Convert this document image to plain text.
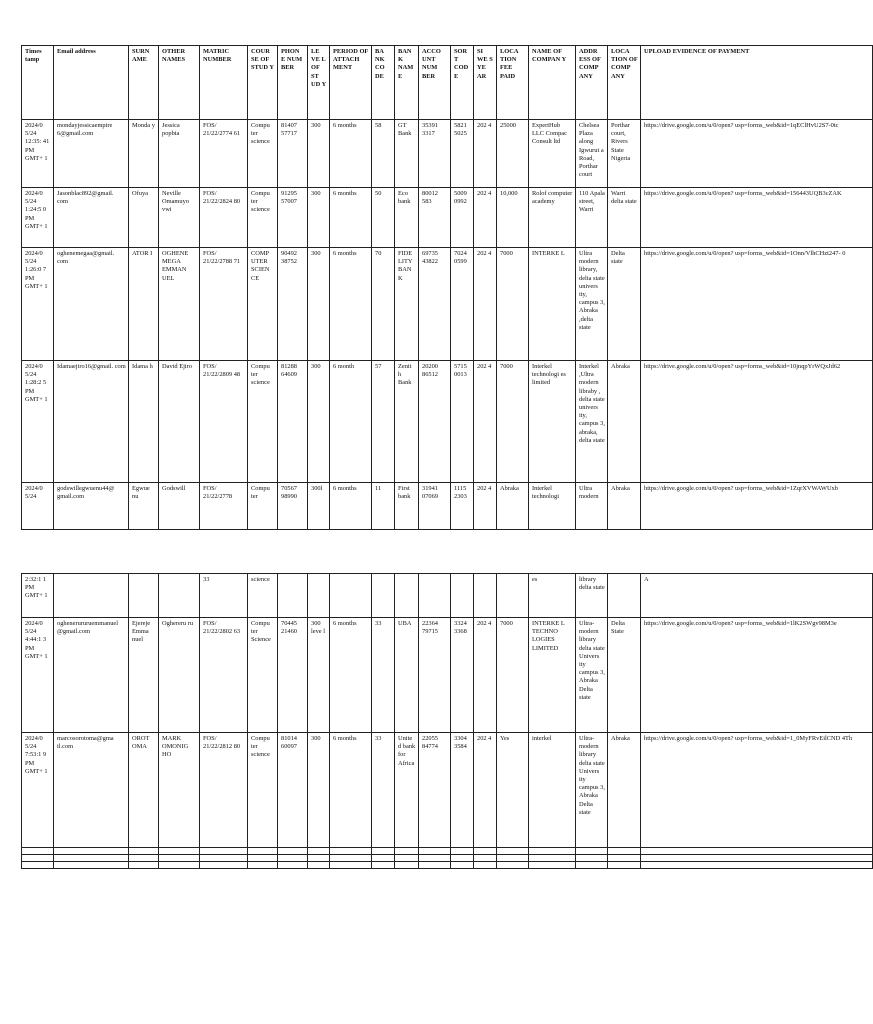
Times tamp	Email address	SURN AME	OTHER NAMES	MATRIC NUMBER	COUR SE OF STUD Y	PHON E NUM BER	LE VE L OF ST UD Y	PERIOD OF ATTACH MENT	BA NK CO DE	BAN K NAM E	ACCO UNT NUM BER	SOR T COD E	SI WE S YE AR	LOCA TION FEE PAID	NAME OF COMPAN Y	ADDR ESS OF COMP ANY	LOCA TION OF COMP ANY	UPLOAD EVIDENCE OF PAYMENT
2024/0 5/24 12:35: 41 PM GMT+ 1	mondayjessicaempire 6@gmail.com	Monda y	Jessica popbia	FOS/ 21/22/2774 61	Compu ter science	81407 57717	300	6 months	58	GT Bank	35391 3317	5821 5025	202 4	25000	ExpertHub LLC Compac Consult ltd	Chelsea Plaza along Igwurut a Road, Porthar court	Porthar court, Rivers State Nigeria	https://drive.google.com/u/0/open? usp=forms_web&id=1qEClHvU2S7-0tc
2024/0 5/24 1:24:5 0 PM GMT+ 1	Jasonblac892@gmail. com	Ofuya	Neville Omamuyo vwi	FOS/ 21/22/2824 80	Compu ter science	91295 57007	300	6 months	50	Eco bank	80012 583	5009 0992	202 4	10,000	Rolof computer academy	110 Apala street, Warri	Warri delta state	https://drive.google.com/u/0/open? usp=forms_web&id=156443UQB3cZAK
2024/0 5/24 1:26:0 7 PM GMT+ 1	oghenemegaa@gmail. com	ATOR I	OGHENE MEGA EMMAN UEL	FOS/ 21/22/2788 71	COMP UTER SCIEN CE	90492 38752	300	6 months	70	FIDE LITY BAN K	69735 43822	7024 0599	202 4	7000	INTERKE L	Ultra modern library, delta state univers ity, campus 3, Abraka ,delta state	Delta state	https://drive.google.com/u/0/open? usp=forms_web&id=1Onn/VlhCHzt247- 0
2024/0 5/24 1:28:2 5 PM GMT+ 1	Idamaejiro16@gmail. com	Idama h	David Ejiro	FOS/ 21/22/2809 48	Compu ter science	81288 64609	300	6 month	57	Zenit h Bank	20200 86512	5715 0013	202 4	7000	Interkel technologi es limited	Interkel ,Ultra modern libraby , delta state univers ity, campus 3, abraka, delta state	Abraka	https://drive.google.com/u/0/open? usp=forms_web&id=10jnqpYrWQxJd62
2024/0 5/24	godswillegwuenu44@ gmail.com	Egwue nu	Godswill	FOS/ 21/22/2778	Compu ter	70567 98990	300l	6 months	11	First bank	31941 07069	1115 2303	202 4	Abraka	Interkel technologi	Ultra modern	Abraka	https://drive.google.com/u/0/open? usp=forms_web&id=1ZqrXVWAWUxb
2:32:1 1 PM GMT+ 1				33	science										es	library delta state		A
2024/0 5/24 4:44:1 3 PM GMT+ 1	oghenerururuemmanuel @gmail.com	Ejereje Emma nuel	Oghereru ru	FOS/ 21/22/2802 63	Compu ter Science	70445 21460	300 leve l	6 months	33	UBA	22364 79715	3324 3368	202 4	7000	INTERKE L TECHNO LOGIES LIMITED	Ultra- modern library delta state Univers ity campus 3, Abraka Delta state	Delta State	https://drive.google.com/u/0/open? usp=forms_web&id=1lK2SWgv98M3e
2024/0 5/24 7:53:1 9 PM GMT+ 1	marcosorotoma@gma il.com	OROT OMA	MARK OMONIG HO	FOS/ 21/22/2812 80	Compu ter science	81014 60097	300	6 months	33	Unite d bank for Africa	22055 84774	3304 3584	202 4	Yes	interkel	Ultra- modern library delta state Univers ity campus 3, Abraka Delta state	Abraka	https://drive.google.com/u/0/open? usp=forms_web&id=1_0MyFRvEilCND 4Th
